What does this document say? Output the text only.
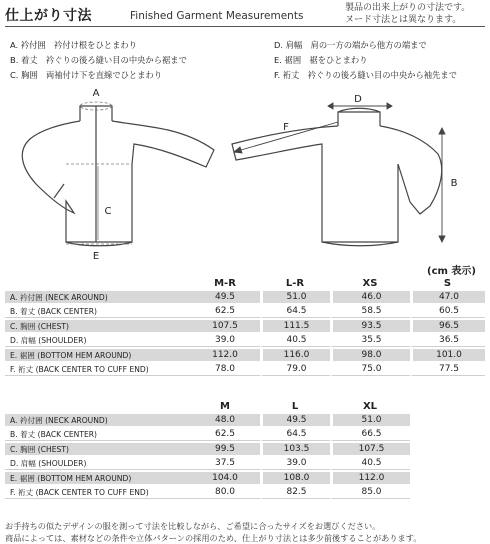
仕上がり寸法	Finished Garment Measurements
製品の出来上がりの寸法です。
ヌード寸法とは異なります。
A. 衿付囲　衿付け根をひとまわり
B. 着丈　衿ぐりの後ろ縫い目の中央から裾まで
C. 胸囲　両袖付け下を直線でひとまわり
D. 肩幅　肩の一方の端から他方の端まで
E. 裾囲　裾をひとまわり
F. 裄丈　衿ぐりの後ろ縫い目の中央から袖先まで
A
C
E
D
F
B
(cm 表示)
	M-R	L-R	XS	S
A. 衿付囲 (NECK AROUND)	49.5	51.0	46.0	47.0
B. 着丈 (BACK CENTER)	62.5	64.5	58.5	60.5
C. 胸囲 (CHEST)	107.5	111.5	93.5	96.5
D. 肩幅 (SHOULDER)	39.0	40.5	35.5	36.5
E. 裾囲 (BOTTOM HEM AROUND)	112.0	116.0	98.0	101.0
F. 裄丈 (BACK CENTER TO CUFF END)	78.0	79.0	75.0	77.5
	M	L	XL	
A. 衿付囲 (NECK AROUND)	48.0	49.5	51.0	
B. 着丈 (BACK CENTER)	62.5	64.5	66.5	
C. 胸囲 (CHEST)	99.5	103.5	107.5	
D. 肩幅 (SHOULDER)	37.5	39.0	40.5	
E. 裾囲 (BOTTOM HEM AROUND)	104.0	108.0	112.0	
F. 裄丈 (BACK CENTER TO CUFF END)	80.0	82.5	85.0	
お手持ちの似たデザインの服を測って寸法を比較しながら、ご希望に合ったサイズをお選びください。
商品によっては、素材などの条件や立体パターンの採用のため、仕上がり寸法とは多少前後することがあります。
